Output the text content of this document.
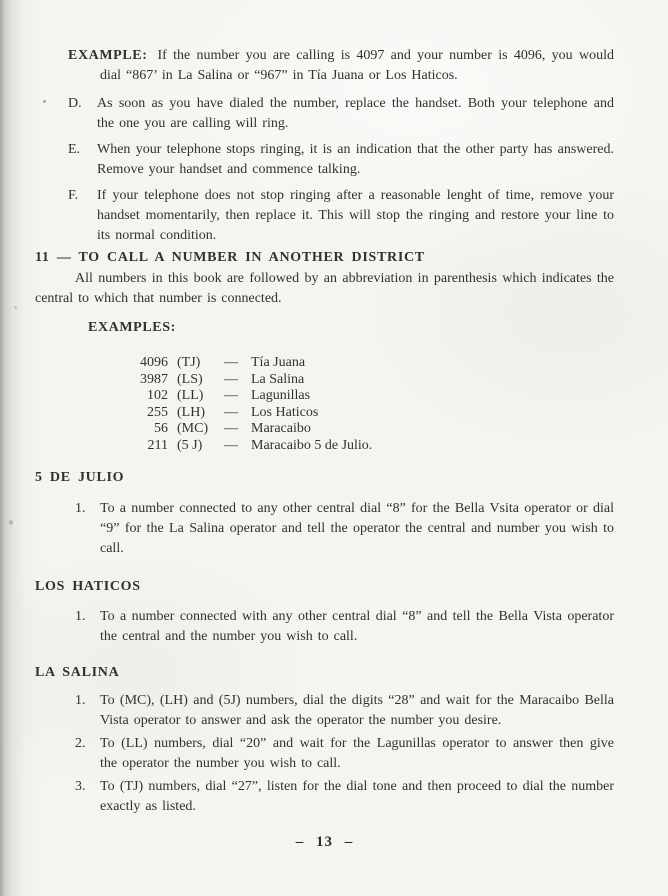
EXAMPLE: If the number you are calling is 4097 and your number is 4096, you would dial “867’ in La Salina or “967” in Tía Juana or Los Haticos.
D.	As soon as you have dialed the number, replace the handset. Both your telephone and the one you are calling will ring.
E.	When your telephone stops ringing, it is an indication that the other party has answered. Remove your handset and commence talking.
F.	If your telephone does not stop ringing after a reasonable lenght of time, remove your handset momentarily, then replace it. This will stop the ringing and restore your line to its normal condition.
11 — TO CALL A NUMBER IN ANOTHER DISTRICT
All numbers in this book are followed by an abbreviation in parenthesis which indicates the central to which that number is connected.
EXAMPLES:
4096 (TJ)	— Tía Juana
3987 (LS)	— La Salina
102 (LL)	— Lagunillas
255 (LH)	— Los Haticos
56 (MC)	— Maracaibo
211 (5 J)	— Maracaibo 5 de Julio.
5 DE JULIO
1.	To a number connected to any other central dial “8” for the Bella Vsita operator or dial “9” for the La Salina operator and tell the operator the central and number you wish to call.
LOS HATICOS
1.	To a number connected with any other central dial “8” and tell the Bella Vista operator the central and the number you wish to call.
LA SALINA
1.	To (MC), (LH) and (5J) numbers, dial the digits “28” and wait for the Maracaibo Bella Vista operator to answer and ask the operator the number you desire.
2.	To (LL) numbers, dial “20” and wait for the Lagunillas operator to answer then give the operator the number you wish to call.
3.	To (TJ) numbers, dial “27”, listen for the dial tone and then proceed to dial the number exactly as listed.
– 13 –
